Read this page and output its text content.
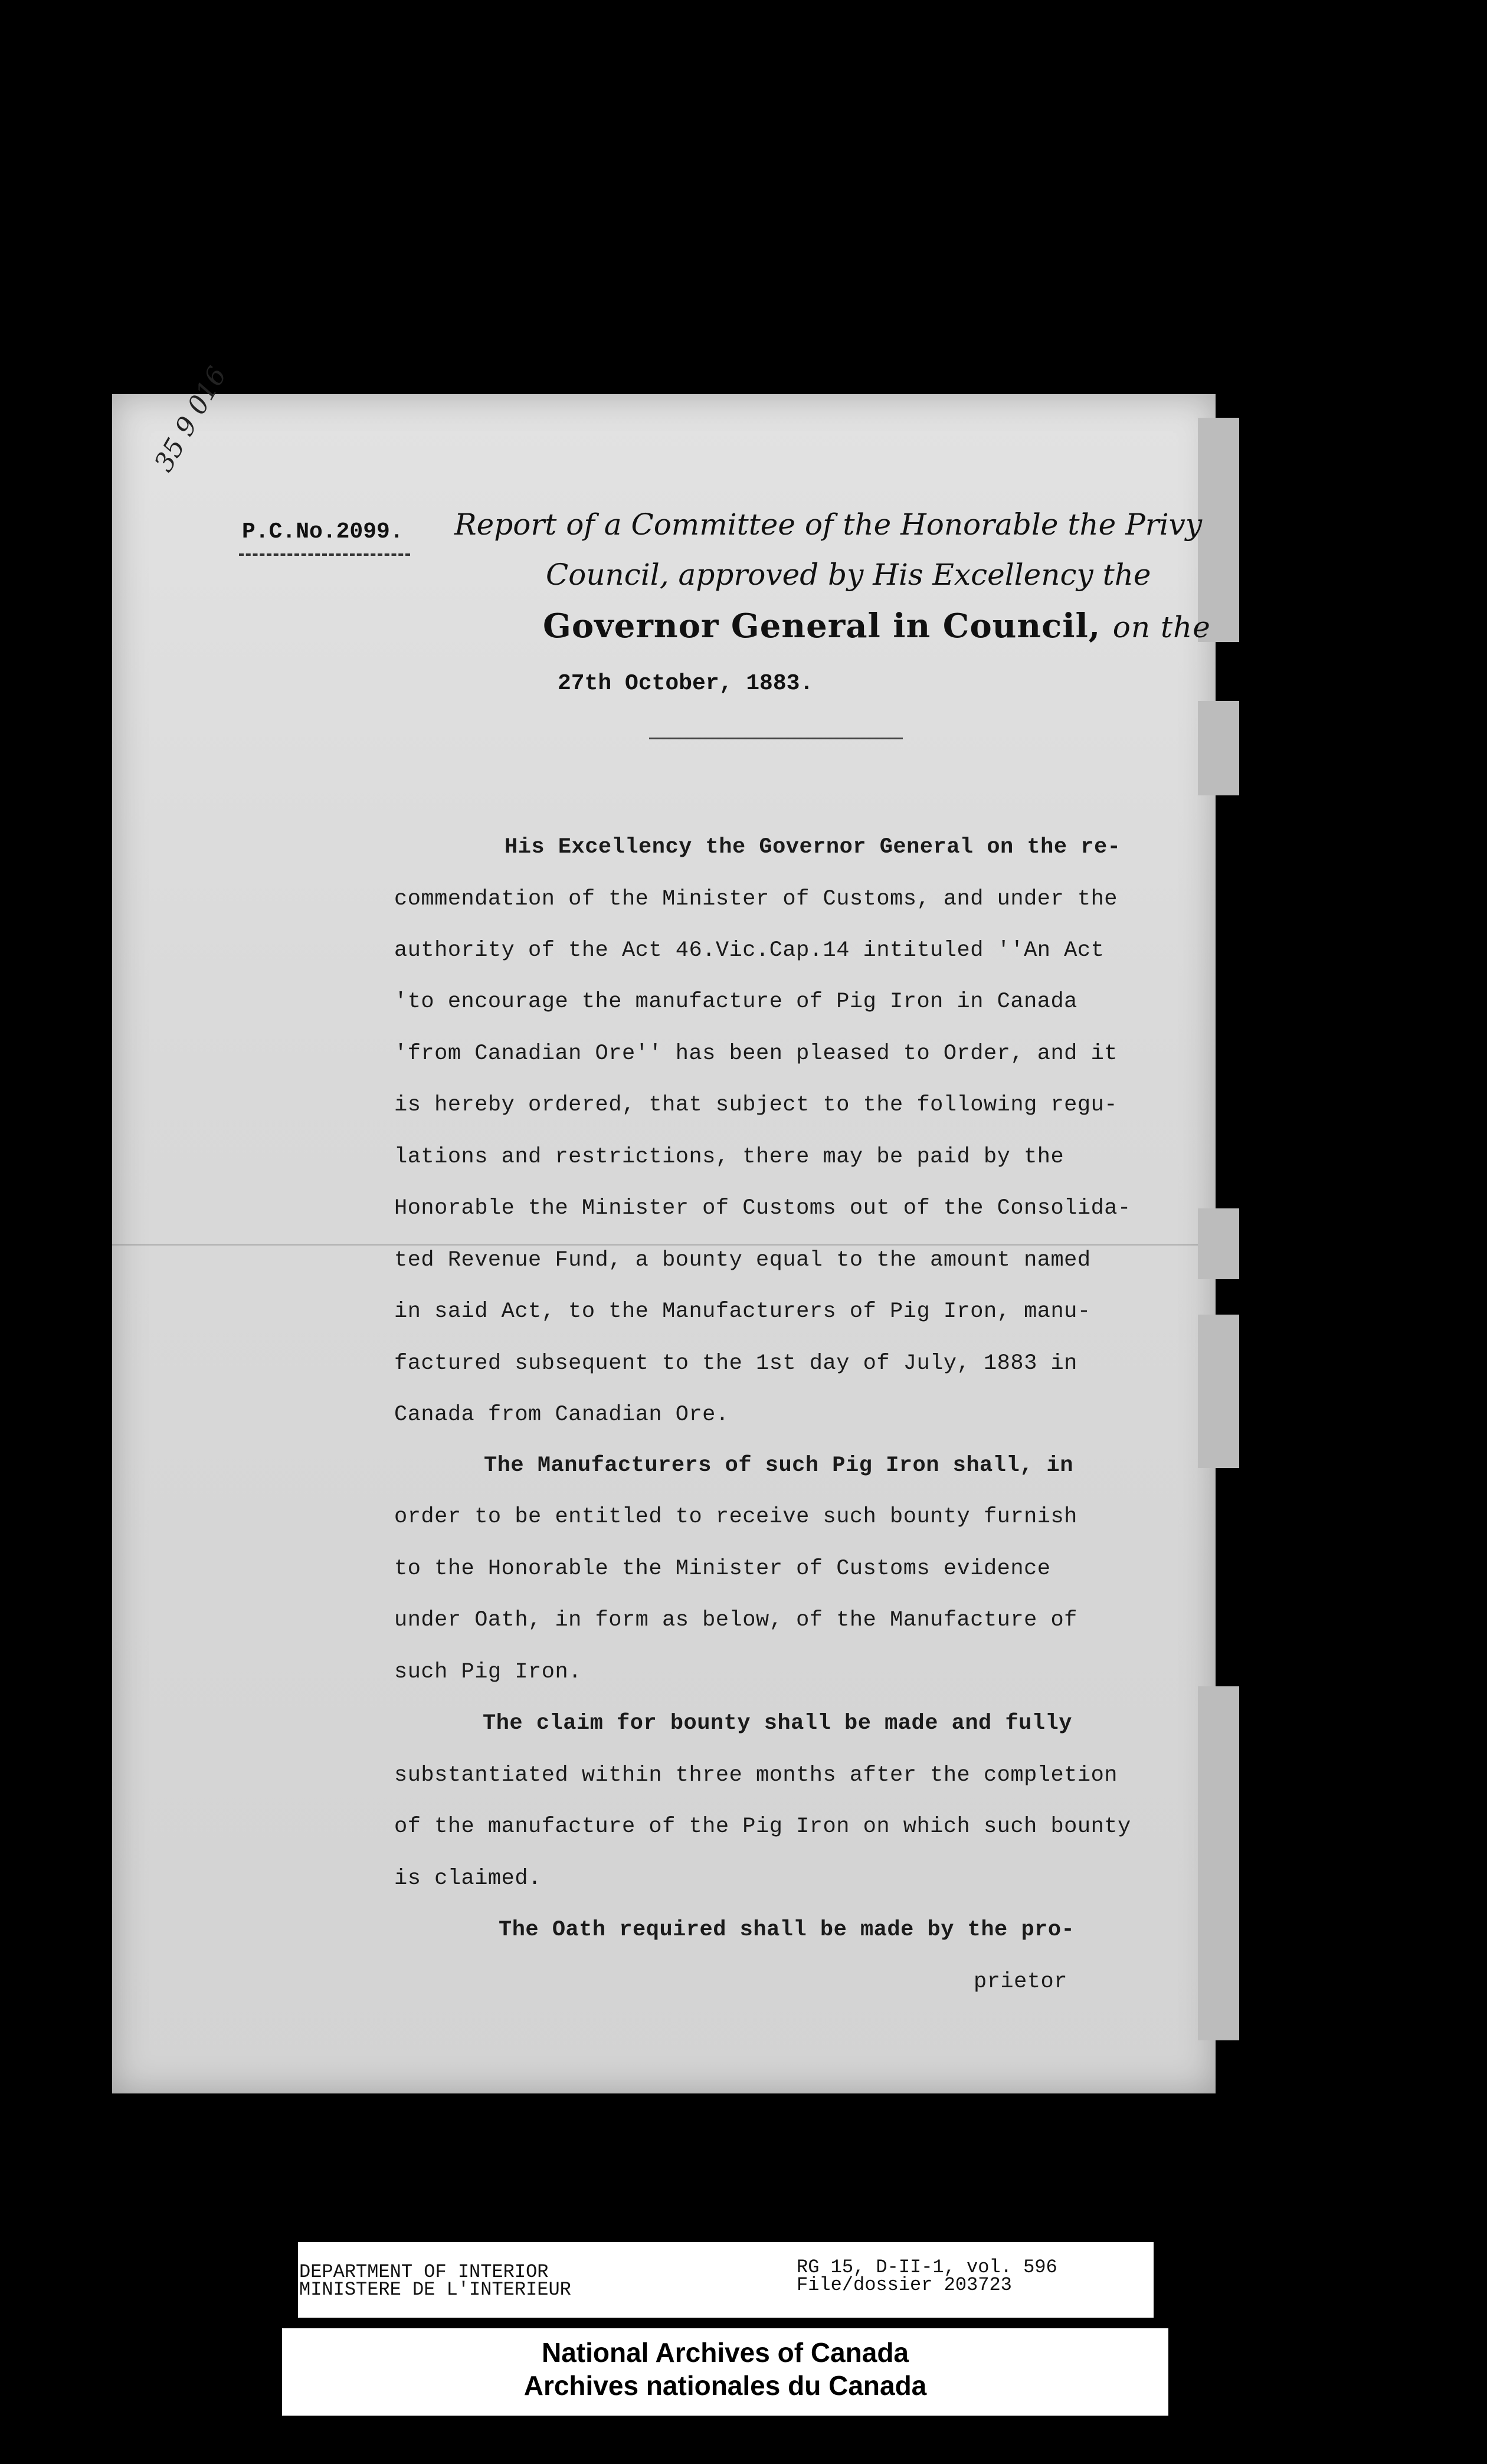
35 9 016
P.C.No.2099. Report of a Committee of the Honorable the Privy
Council, approved by His Excellency the
Governor General in Council, on the
27th October, 1883.
His Excellency the Governor General on the re-
commendation of the Minister of Customs, and under the
authority of the Act 46.Vic.Cap.14 intituled ''An Act
'to encourage the manufacture of Pig Iron in Canada
'from Canadian Ore'' has been pleased to Order, and it
is hereby ordered, that subject to the following regu-
lations and restrictions, there may be paid by the
Honorable the Minister of Customs out of the Consolida-
ted Revenue Fund, a bounty equal to the amount named
in said Act, to the Manufacturers of Pig Iron, manu-
factured subsequent to the 1st day of July, 1883 in
Canada from Canadian Ore.
The Manufacturers of such Pig Iron shall, in
order to be entitled to receive such bounty furnish
to the Honorable the Minister of Customs evidence
under Oath, in form as below, of the Manufacture of
such Pig Iron.
The claim for bounty shall be made and fully
substantiated within three months after the completion
of the manufacture of the Pig Iron on which such bounty
is claimed.
The Oath required shall be made by the pro-
prietor
DEPARTMENT OF INTERIOR
MINISTERE DE L'INTERIEUR
RG 15, D-II-1, vol. 596
File/dossier 203723
National Archives of Canada
Archives nationales du Canada
